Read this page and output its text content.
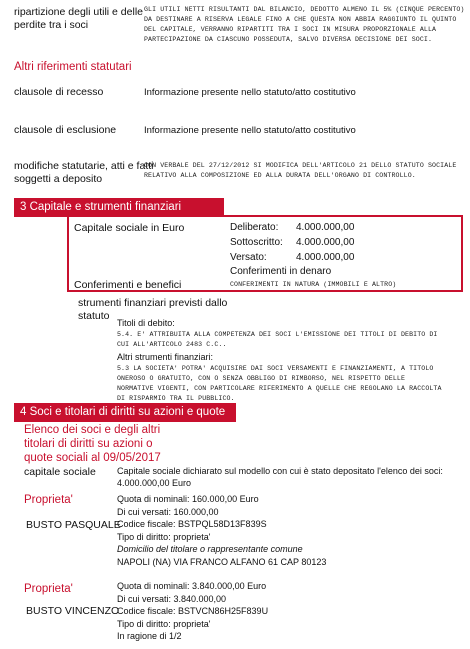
ripartizione degli utili e delle
perdite tra i soci
GLI UTILI NETTI RISULTANTI DAL BILANCIO, DEDOTTO ALMENO IL 5% (CINQUE PERCENTO)
DA DESTINARE A RISERVA LEGALE FINO A CHE QUESTA NON ABBIA RAGGIUNTO IL QUINTO
DEL CAPITALE, VERRANNO RIPARTITI TRA I SOCI IN MISURA PROPORZIONALE ALLA
PARTECIPAZIONE DA CIASCUNO POSSEDUTA, SALVO DIVERSA DECISIONE DEI SOCI.
Altri riferimenti statutari
clausole di recesso	Informazione presente nello statuto/atto costitutivo
clausole di esclusione	Informazione presente nello statuto/atto costitutivo
modifiche statutarie, atti e fatti
soggetti a deposito
CON VERBALE DEL 27/12/2012 SI MODIFICA DELL'ARTICOLO 21 DELLO STATUTO SOCIALE
RELATIVO ALLA COMPOSIZIONE ED ALLA DURATA DELL'ORGANO DI CONTROLLO.
3 Capitale e strumenti finanziari
Capitale sociale in Euro	Deliberato: 4.000.000,00
Sottoscritto: 4.000.000,00
Versato:	4.000.000,00
Conferimenti in denaro
Conferimenti e benefici	CONFERIMENTI IN NATURA (IMMOBILI E ALTRO)
strumenti finanziari previsti dallo
statuto
Titoli di debito:
5.4. E' ATTRIBUITA ALLA COMPETENZA DEI SOCI L'EMISSIONE DEI TITOLI DI DEBITO DI
CUI ALL'ARTICOLO 2483 C.C..
Altri strumenti finanziari:
5.3 LA SOCIETA' POTRA' ACQUISIRE DAI SOCI VERSAMENTI E FINANZIAMENTI, A TITOLO
ONEROSO O GRATUITO, CON O SENZA OBBLIGO DI RIMBORSO, NEL RISPETTO DELLE
NORMATIVE VIGENTI, CON PARTICOLARE RIFERIMENTO A QUELLE CHE REGOLANO LA RACCOLTA
DI RISPARMIO TRA IL PUBBLICO.
4 Soci e titolari di diritti su azioni e quote
Elenco dei soci e degli altri
titolari di diritti su azioni o
quote sociali al 09/05/2017
capitale sociale Capitale sociale dichiarato sul modello con cui è stato depositato l'elenco dei soci:
4.000.000,00 Euro
Proprieta'
BUSTO PASQUALE
Quota di nominali: 160.000,00 Euro
Di cui versati: 160.000,00
Codice fiscale: BSTPQL58D13F839S
Tipo di diritto: proprieta'
Domicilio del titolare o rappresentante comune
NAPOLI (NA) VIA FRANCO ALFANO 61 CAP 80123
Proprieta'
BUSTO VINCENZO
Quota di nominali: 3.840.000,00 Euro
Di cui versati: 3.840.000,00
Codice fiscale: BSTVCN86H25F839U
Tipo di diritto: proprieta'
In ragione di 1/2
